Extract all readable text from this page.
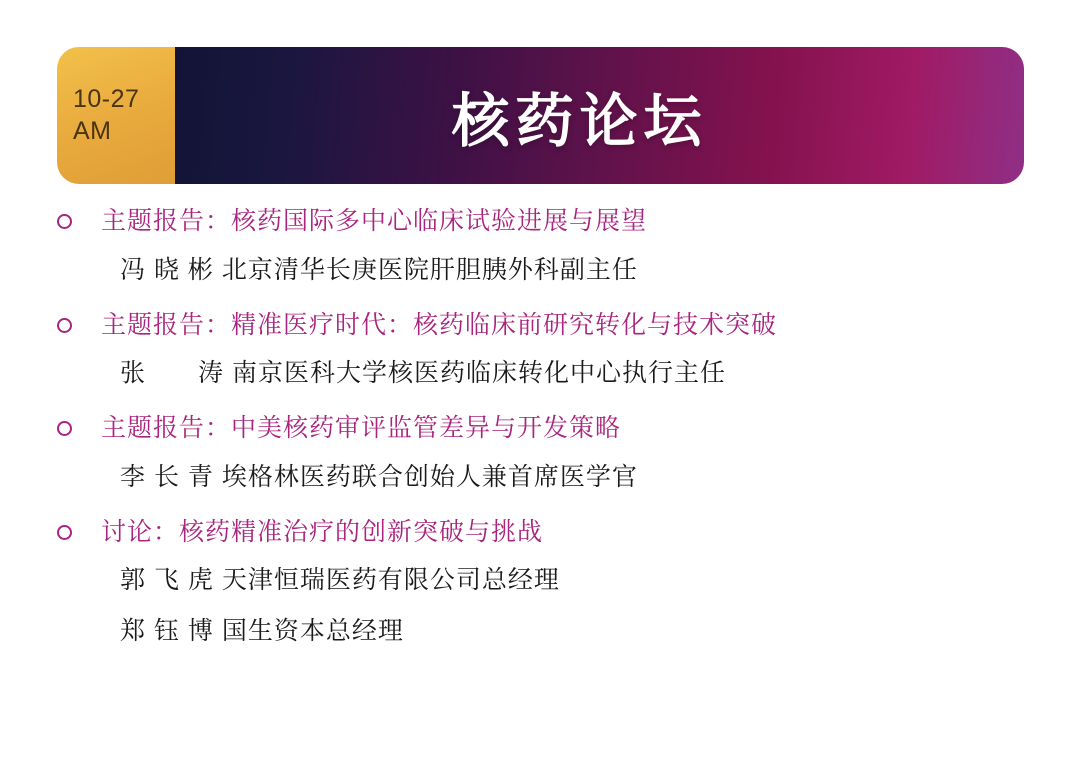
10-27
AM	核药论坛
主题报告：核药国际多中心临床试验进展与展望
冯 晓 彬 北京清华长庚医院肝胆胰外科副主任
主题报告：精准医疗时代：核药临床前研究转化与技术突破
张　　涛 南京医科大学核医药临床转化中心执行主任
主题报告：中美核药审评监管差异与开发策略
李 长 青 埃格林医药联合创始人兼首席医学官
讨论：核药精准治疗的创新突破与挑战
郭 飞 虎 天津恒瑞医药有限公司总经理
郑 钰 博 国生资本总经理
